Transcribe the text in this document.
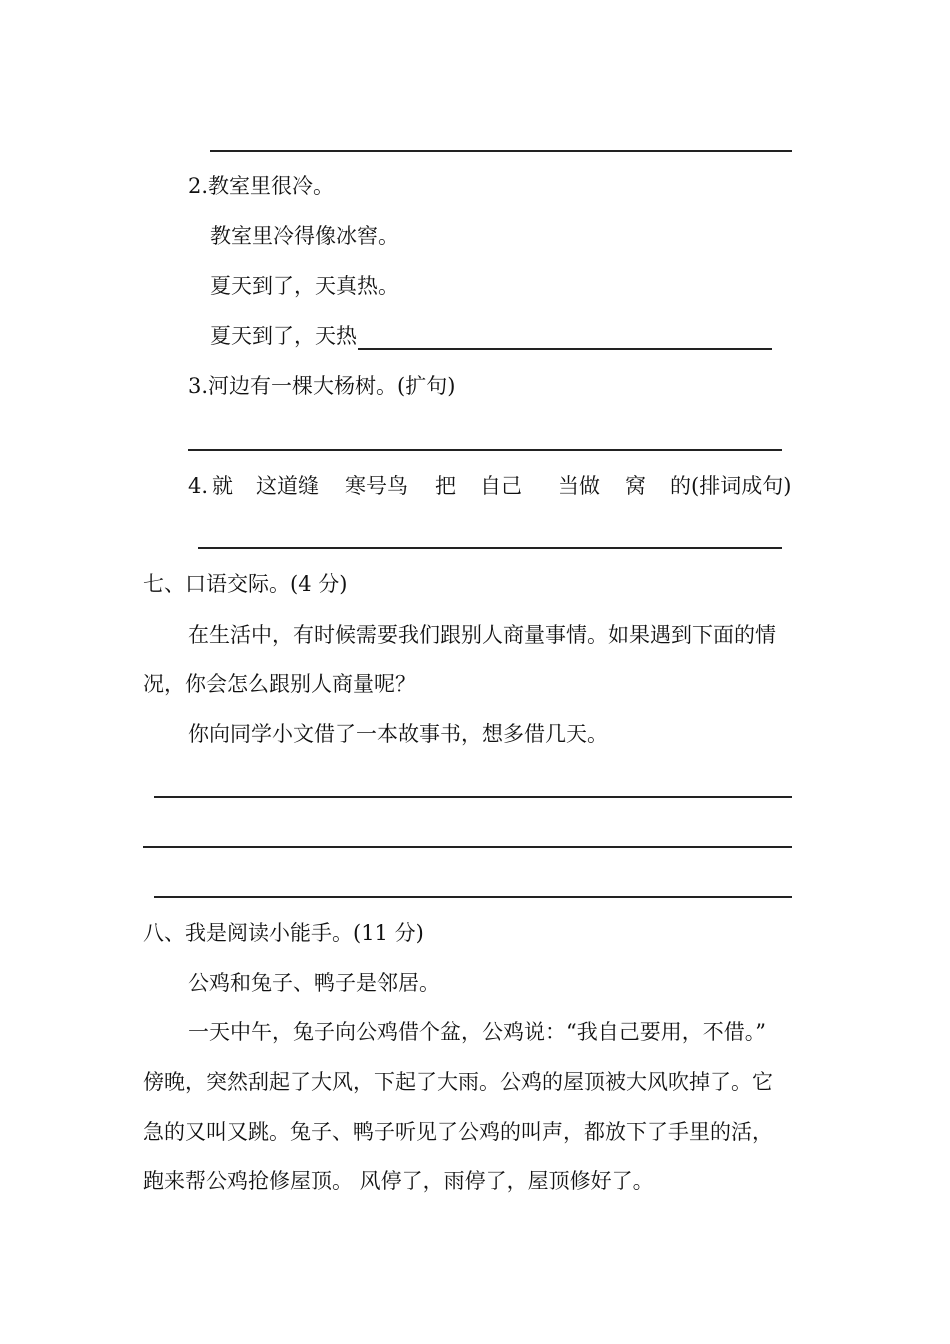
2.教室里很冷。
教室里冷得像冰窖。
夏天到了，天真热。
夏天到了，天热
3.河边有一棵大杨树。(扩句)
4. 就 这道缝 寒号鸟 把 自己 当做 窝 的 (排词成句)
七、口语交际。(4 分)
在生活中，有时候需要我们跟别人商量事情。如果遇到下面的情
况，你会怎么跟别人商量呢？
你向同学小文借了一本故事书，想多借几天。
八、我是阅读小能手。(11 分)
公鸡和兔子、鸭子是邻居。
一天中午，兔子向公鸡借个盆，公鸡说：“我自己要用，不借。”
傍晚，突然刮起了大风，下起了大雨。公鸡的屋顶被大风吹掉了。它
急的又叫又跳。兔子、鸭子听见了公鸡的叫声，都放下了手里的活，
跑来帮公鸡抢修屋顶。 风停了，雨停了，屋顶修好了。
